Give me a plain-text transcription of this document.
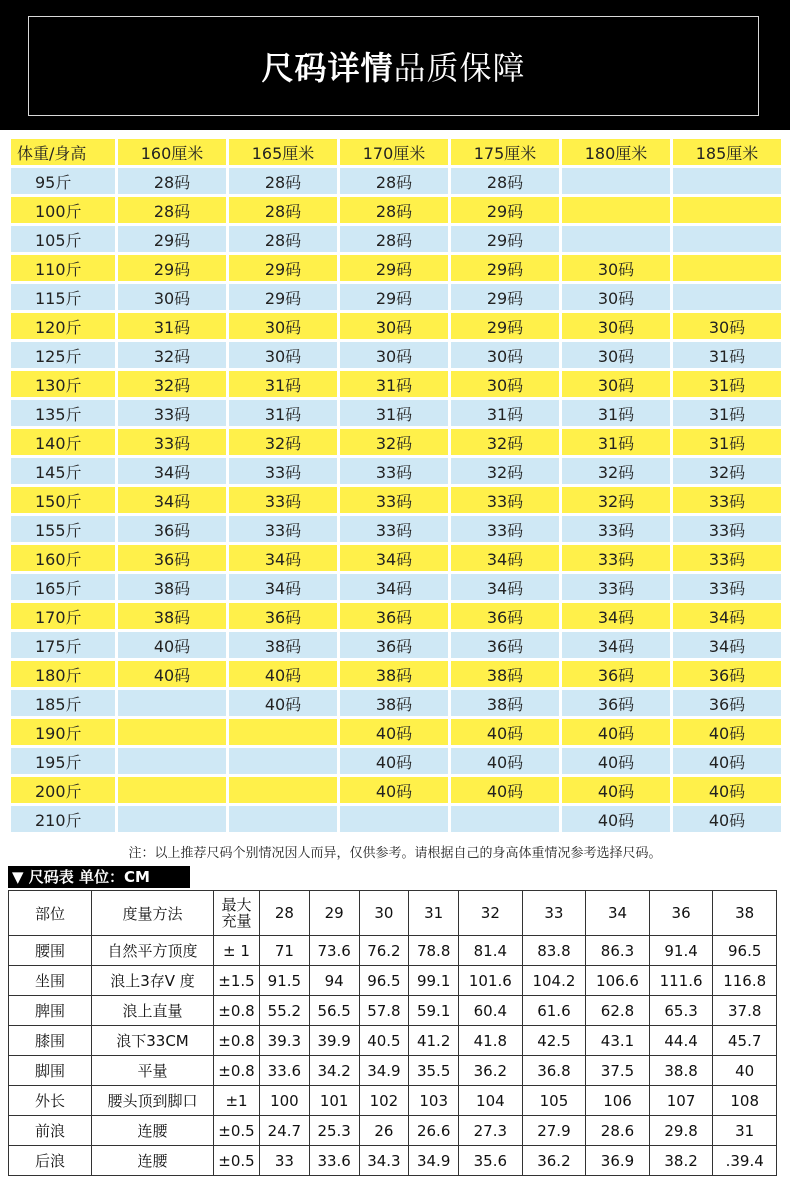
尺码详情 品质保障
体重/身高	160厘米	165厘米	170厘米	175厘米	180厘米	185厘米
95斤	28码	28码	28码	28码		
100斤	28码	28码	28码	29码		
105斤	29码	28码	28码	29码		
110斤	29码	29码	29码	29码	30码	
115斤	30码	29码	29码	29码	30码	
120斤	31码	30码	30码	29码	30码	30码
125斤	32码	30码	30码	30码	30码	31码
130斤	32码	31码	31码	30码	30码	31码
135斤	33码	31码	31码	31码	31码	31码
140斤	33码	32码	32码	32码	31码	31码
145斤	34码	33码	33码	32码	32码	32码
150斤	34码	33码	33码	33码	32码	33码
155斤	36码	33码	33码	33码	33码	33码
160斤	36码	34码	34码	34码	33码	33码
165斤	38码	34码	34码	34码	33码	33码
170斤	38码	36码	36码	36码	34码	34码
175斤	40码	38码	36码	36码	34码	34码
180斤	40码	40码	38码	38码	36码	36码
185斤		40码	38码	38码	36码	36码
190斤			40码	40码	40码	40码
195斤			40码	40码	40码	40码
200斤			40码	40码	40码	40码
210斤					40码	40码
注：以上推荐尺码个别情况因人而异，仅供参考。请根据自己的身高体重情况参考选择尺码。
▼ 尺码表 单位：CM
部位	度量方法	最大
充量	28	29	30	31	32	33	34	36	38
腰围	自然平方顶度	± 1	71	73.6	76.2	78.8	81.4	83.8	86.3	91.4	96.5
坐围	浪上3存V 度	±1.5	91.5	94	96.5	99.1	101.6	104.2	106.6	111.6	116.8
脾围	浪上直量	±0.8	55.2	56.5	57.8	59.1	60.4	61.6	62.8	65.3	37.8
膝围	浪下33CM	±0.8	39.3	39.9	40.5	41.2	41.8	42.5	43.1	44.4	45.7
脚围	平量	±0.8	33.6	34.2	34.9	35.5	36.2	36.8	37.5	38.8	40
外长	腰头顶到脚口	±1	100	101	102	103	104	105	106	107	108
前浪	连腰	±0.5	24.7	25.3	26	26.6	27.3	27.9	28.6	29.8	31
后浪	连腰	±0.5	33	33.6	34.3	34.9	35.6	36.2	36.9	38.2	.39.4
